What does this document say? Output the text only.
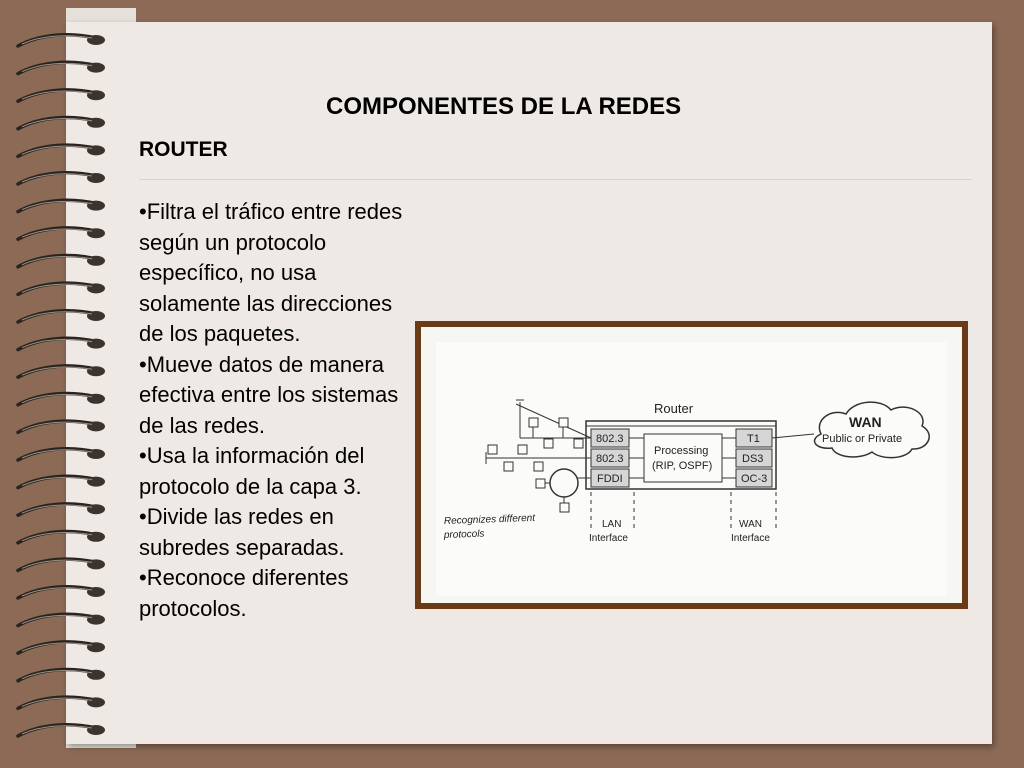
COMPONENTES DE LA REDES
ROUTER
•Filtra el tráfico entre redes según un protocolo específico, no usa solamente las direcciones de los paquetes.
•Mueve datos de manera efectiva entre los sistemas de las redes.
•Usa la información del protocolo de la capa 3.
•Divide las redes en subredes separadas.
•Reconoce diferentes protocolos.
Router
802.3
802.3
FDDI
Processing
(RIP, OSPF)
T1
DS3
OC-3
WAN
Public or Private
Recognizes different
protocols
LAN
Interface
WAN
Interface
